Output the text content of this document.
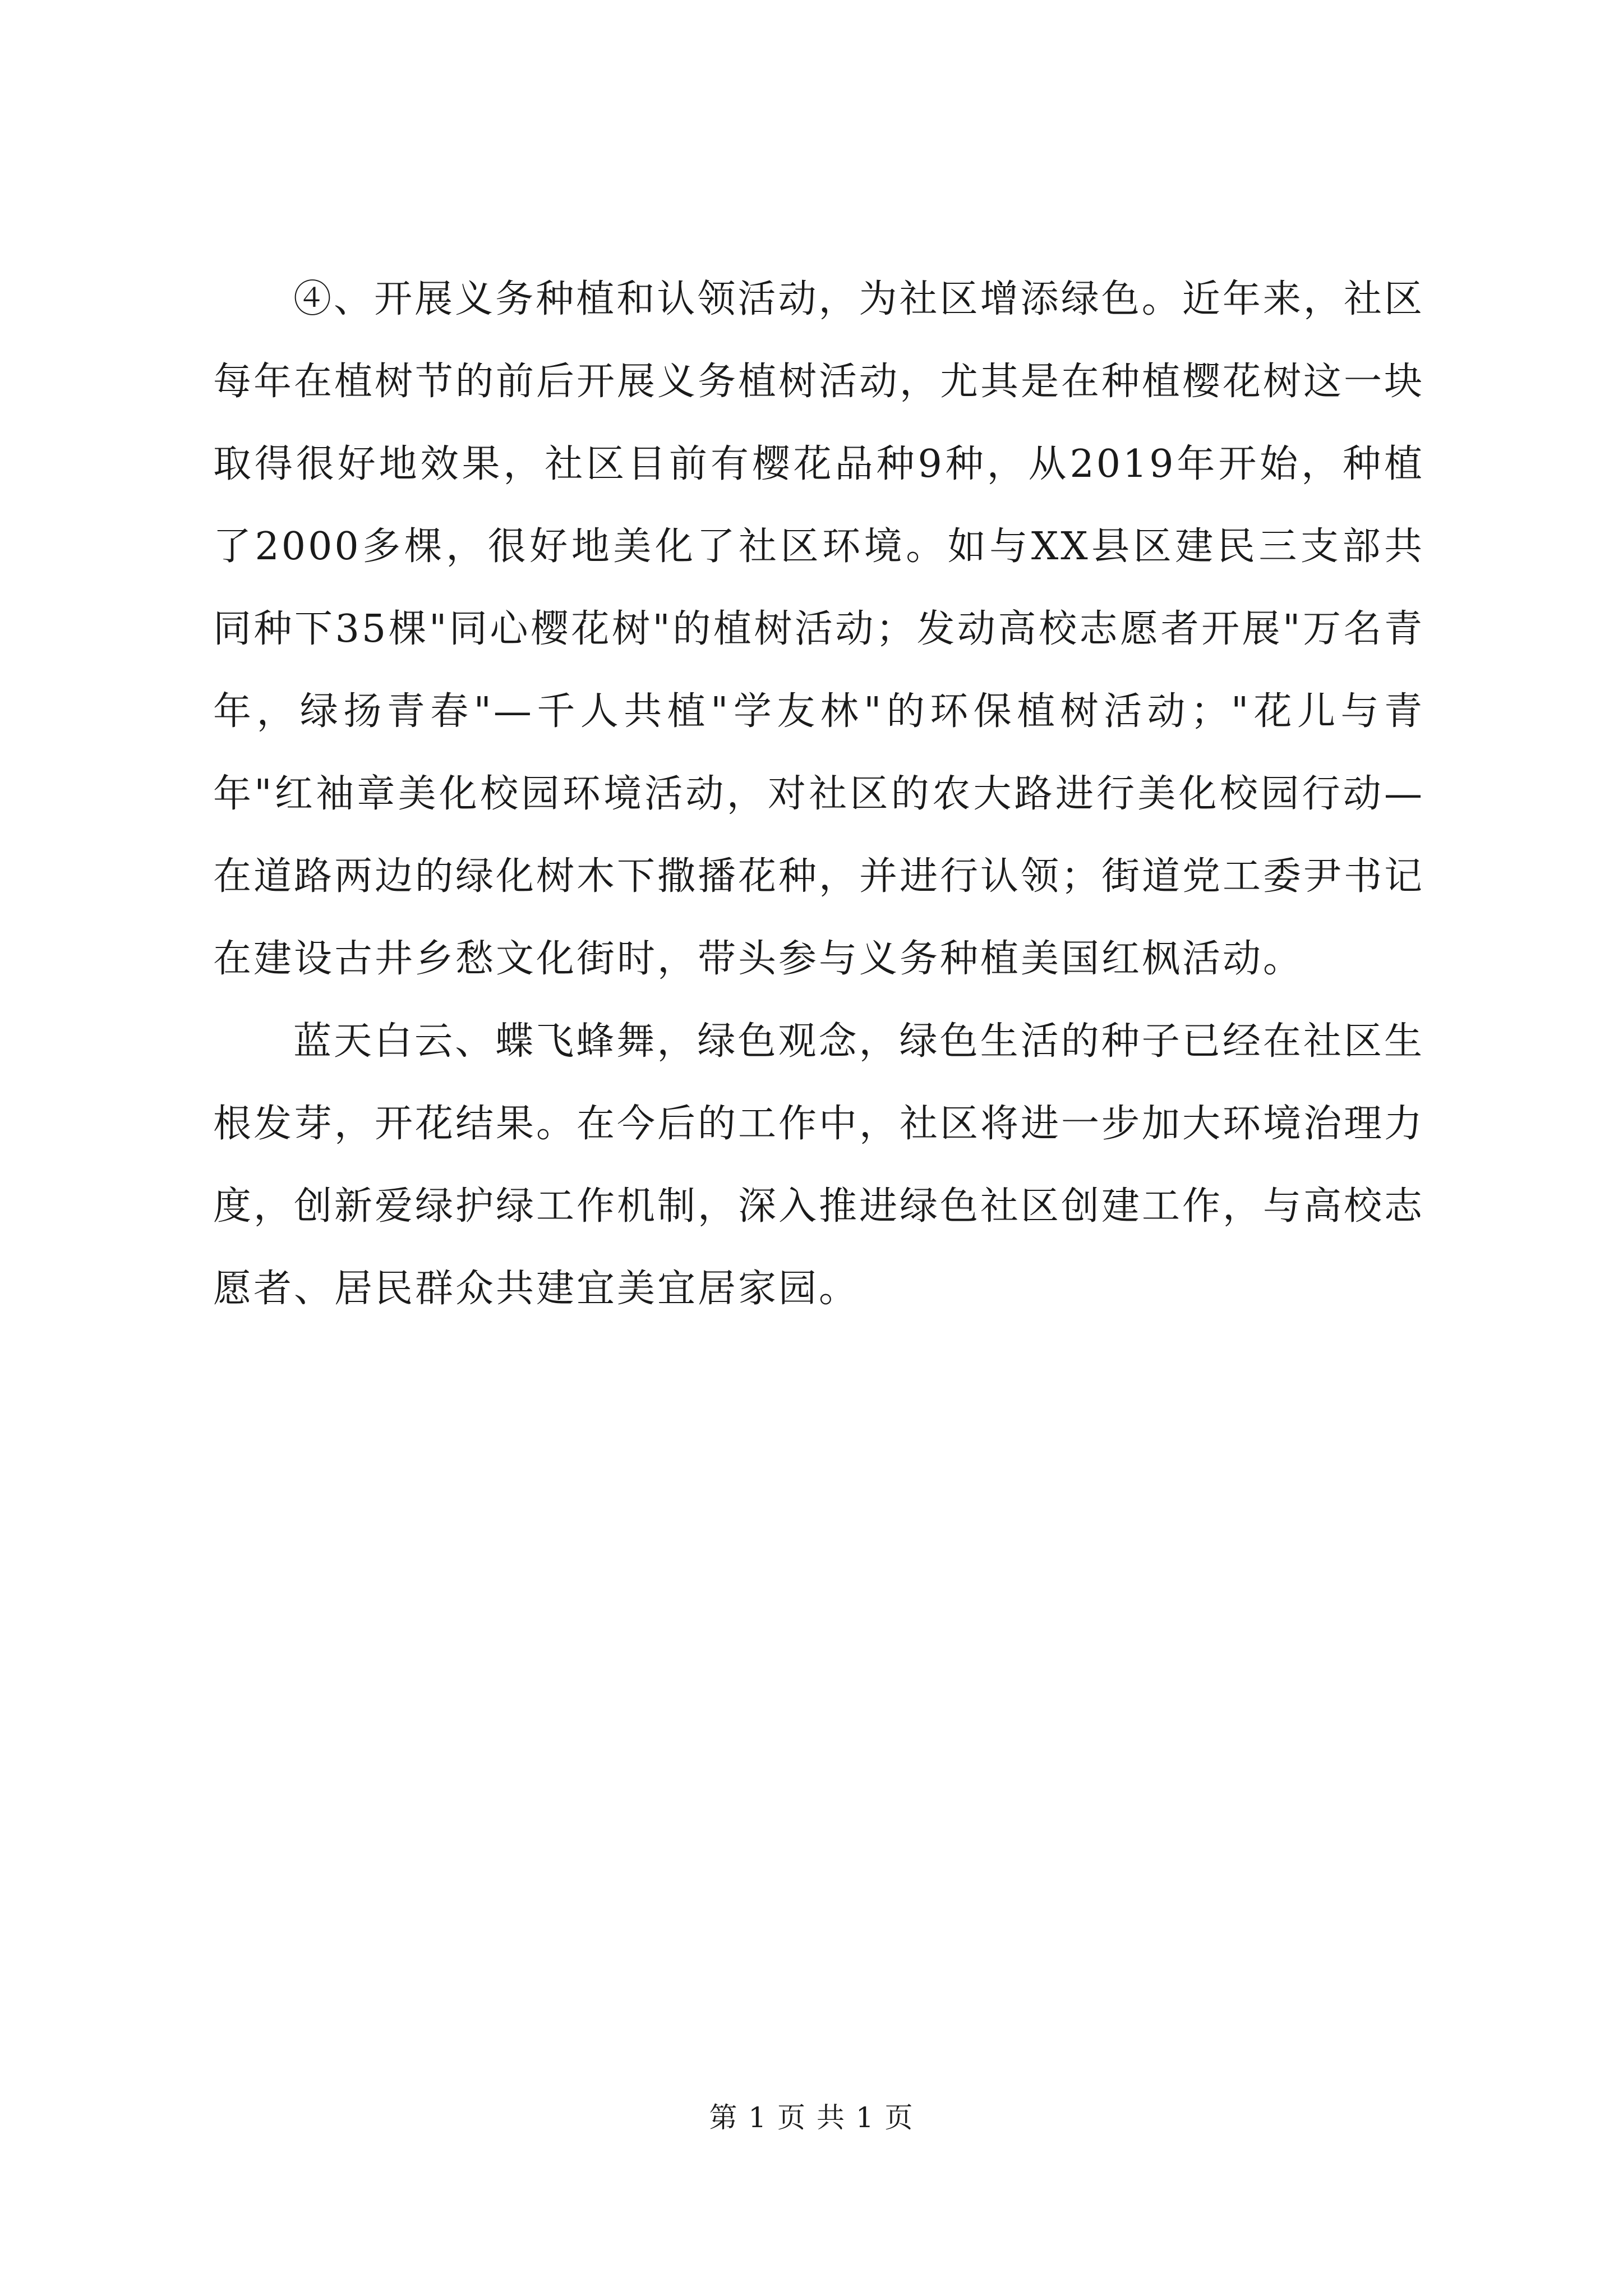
④、开展义务种植和认领活动，为社区增添绿色。近年来，社区每年在植树节的前后开展义务植树活动，尤其是在种植樱花树这一块取得很好地效果，社区目前有樱花品种9种，从2019年开始，种植了2000多棵，很好地美化了社区环境。如与XX县区建民三支部共同种下35棵"同心樱花树"的植树活动；发动高校志愿者开展"万名青年，绿扬青春"—千人共植"学友林"的环保植树活动；"花儿与青年"红袖章美化校园环境活动，对社区的农大路进行美化校园行动—在道路两边的绿化树木下撒播花种，并进行认领；街道党工委尹书记在建设古井乡愁文化街时，带头参与义务种植美国红枫活动。

蓝天白云、蝶飞蜂舞，绿色观念，绿色生活的种子已经在社区生根发芽，开花结果。在今后的工作中，社区将进一步加大环境治理力度，创新爱绿护绿工作机制，深入推进绿色社区创建工作，与高校志愿者、居民群众共建宜美宜居家园。

第 1 页 共 1 页
